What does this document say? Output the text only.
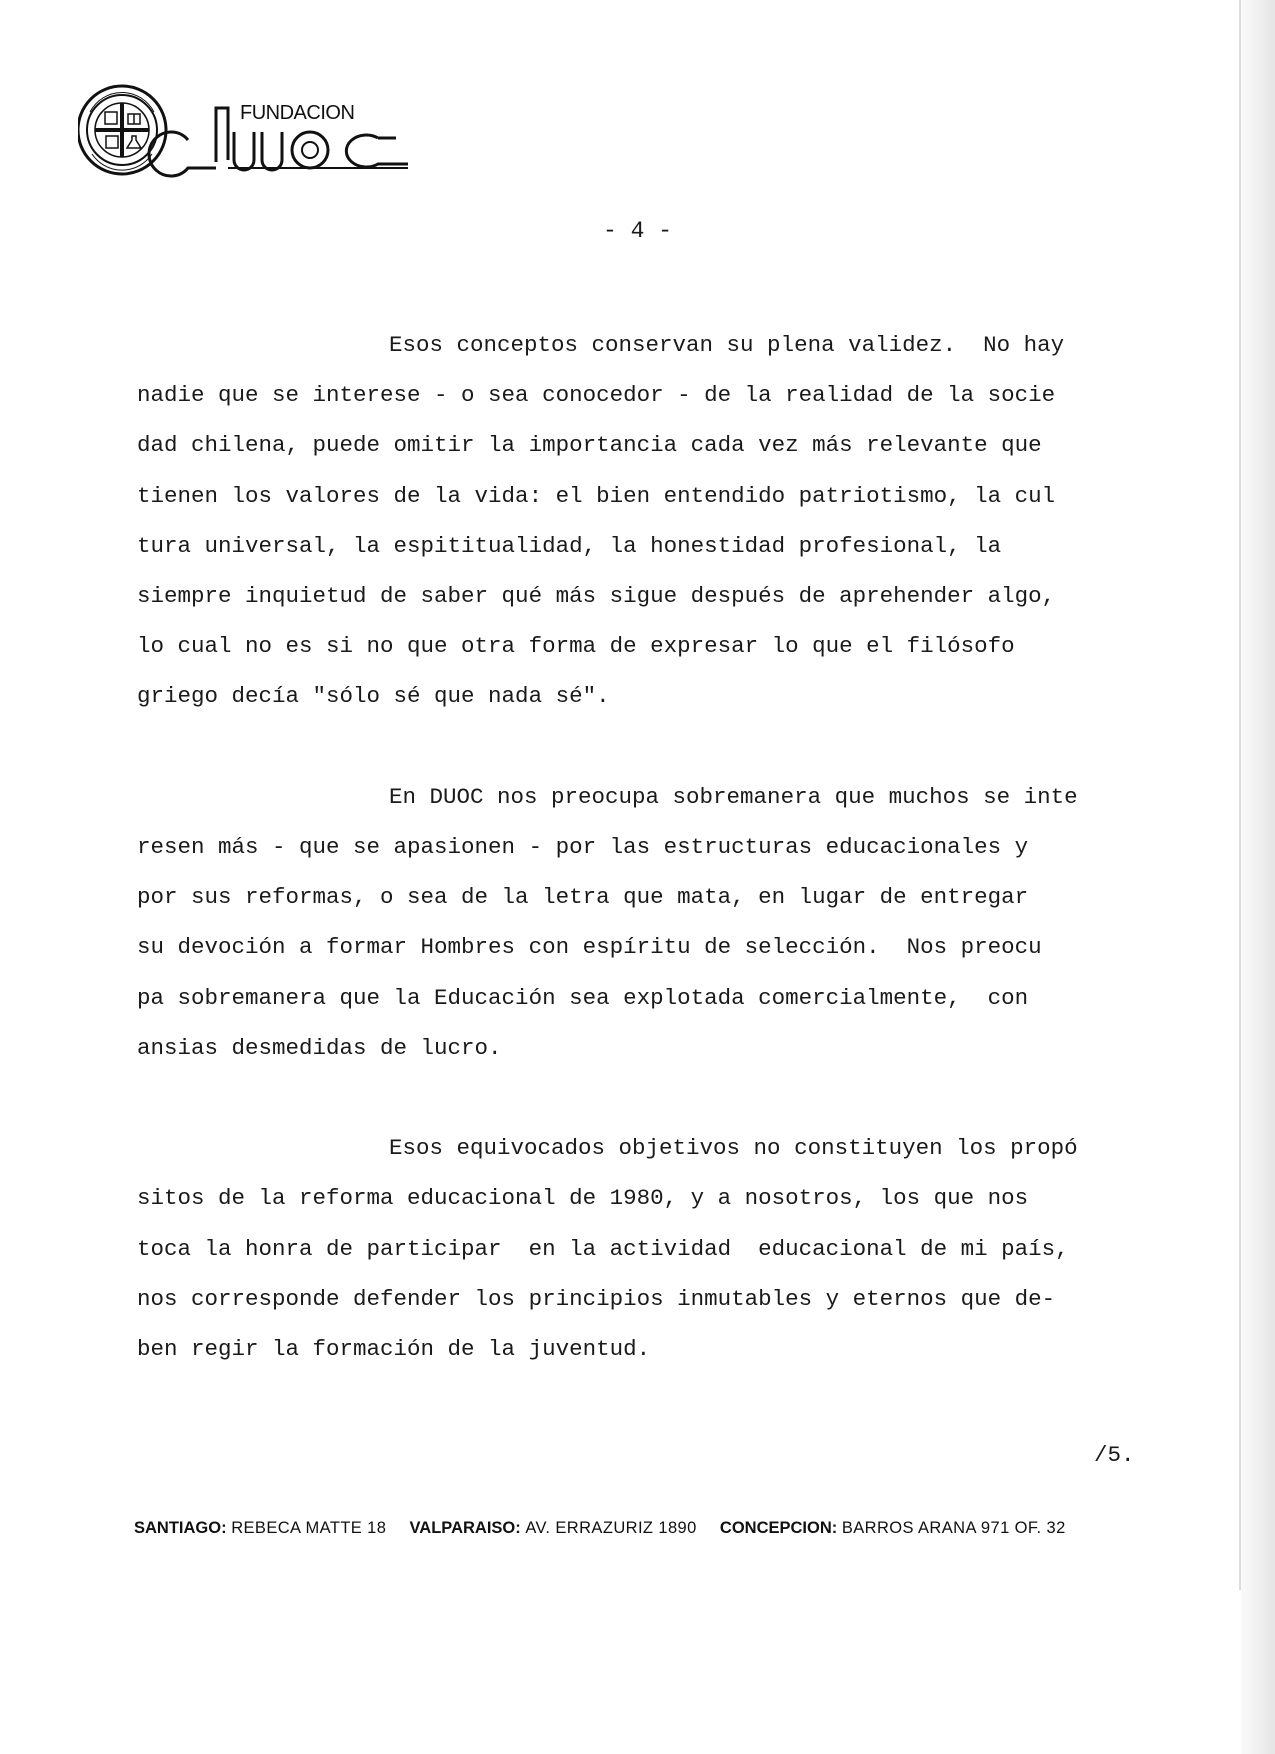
FUNDACION
- 4 -

Esos conceptos conservan su plena validez.  No hay
nadie que se interese - o sea conocedor - de la realidad de la socie
dad chilena, puede omitir la importancia cada vez más relevante que
tienen los valores de la vida: el bien entendido patriotismo, la cul
tura universal, la espititualidad, la honestidad profesional, la
siempre inquietud de saber qué más sigue después de aprehender algo,
lo cual no es si no que otra forma de expresar lo que el filósofo
griego decía "sólo sé que nada sé".

En DUOC nos preocupa sobremanera que muchos se inte
resen más - que se apasionen - por las estructuras educacionales y
por sus reformas, o sea de la letra que mata, en lugar de entregar
su devoción a formar Hombres con espíritu de selección.  Nos preocu
pa sobremanera que la Educación sea explotada comercialmente,  con
ansias desmedidas de lucro.

Esos equivocados objetivos no constituyen los propó
sitos de la reforma educacional de 1980, y a nosotros, los que nos
toca la honra de participar  en la actividad  educacional de mi país,
nos corresponde defender los principios inmutables y eternos que de-
ben regir la formación de la juventud.

/5.
SANTIAGO: REBECA MATTE 18 VALPARAISO: AV. ERRAZURIZ 1890 CONCEPCION: BARROS ARANA 971 OF. 32
